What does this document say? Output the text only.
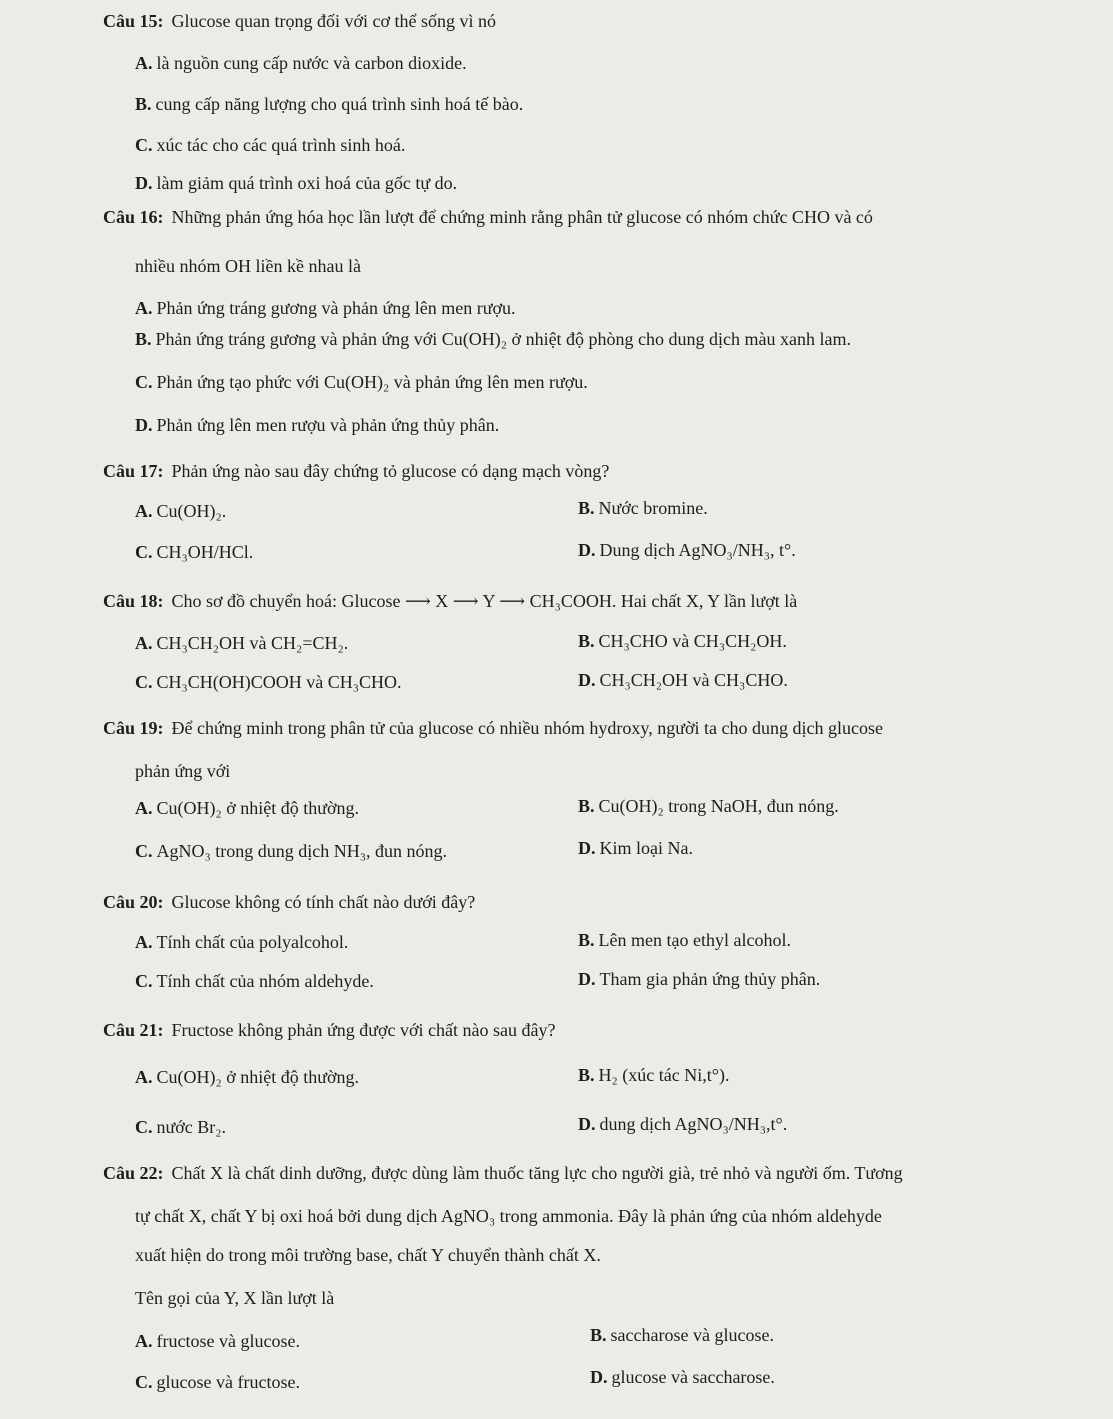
Câu 15: Glucose quan trọng đối với cơ thể sống vì nó
A. là nguồn cung cấp nước và carbon dioxide.
B. cung cấp năng lượng cho quá trình sinh hoá tế bào.
C. xúc tác cho các quá trình sinh hoá.
D. làm giảm quá trình oxi hoá của gốc tự do.
Câu 16: Những phản ứng hóa học lần lượt để chứng minh rằng phân tử glucose có nhóm chức CHO và có
nhiều nhóm OH liền kề nhau là
A. Phản ứng tráng gương và phản ứng lên men rượu.
B. Phản ứng tráng gương và phản ứng với Cu(OH)₂ ở nhiệt độ phòng cho dung dịch màu xanh lam.
C. Phản ứng tạo phức với Cu(OH)₂ và phản ứng lên men rượu.
D. Phản ứng lên men rượu và phản ứng thủy phân.
Câu 17: Phản ứng nào sau đây chứng tỏ glucose có dạng mạch vòng?
A. Cu(OH)₂.	B. Nước bromine.
C. CH₃OH/HCl.	D. Dung dịch AgNO₃/NH₃, t°.
Câu 18: Cho sơ đồ chuyển hoá: Glucose ⟶ X ⟶ Y ⟶ CH₃COOH. Hai chất X, Y lần lượt là
A. CH₃CH₂OH và CH₂=CH₂.	B. CH₃CHO và CH₃CH₂OH.
C. CH₃CH(OH)COOH và CH₃CHO.	D. CH₃CH₂OH và CH₃CHO.
Câu 19: Để chứng minh trong phân tử của glucose có nhiều nhóm hydroxy, người ta cho dung dịch glucose
phản ứng với
A. Cu(OH)₂ ở nhiệt độ thường.	B. Cu(OH)₂ trong NaOH, đun nóng.
C. AgNO₃ trong dung dịch NH₃, đun nóng.	D. Kim loại Na.
Câu 20: Glucose không có tính chất nào dưới đây?
A. Tính chất của polyalcohol.	B. Lên men tạo ethyl alcohol.
C. Tính chất của nhóm aldehyde.	D. Tham gia phản ứng thủy phân.
Câu 21: Fructose không phản ứng được với chất nào sau đây?
A. Cu(OH)₂ ở nhiệt độ thường.	B. H₂ (xúc tác Ni,t°).
C. nước Br₂.	D. dung dịch AgNO₃/NH₃,t°.
Câu 22: Chất X là chất dinh dưỡng, được dùng làm thuốc tăng lực cho người già, trẻ nhỏ và người ốm. Tương
tự chất X, chất Y bị oxi hoá bởi dung dịch AgNO₃ trong ammonia. Đây là phản ứng của nhóm aldehyde
xuất hiện do trong môi trường base, chất Y chuyển thành chất X.
Tên gọi của Y, X lần lượt là
A. fructose và glucose.	B. saccharose và glucose.
C. glucose và fructose.	D. glucose và saccharose.
